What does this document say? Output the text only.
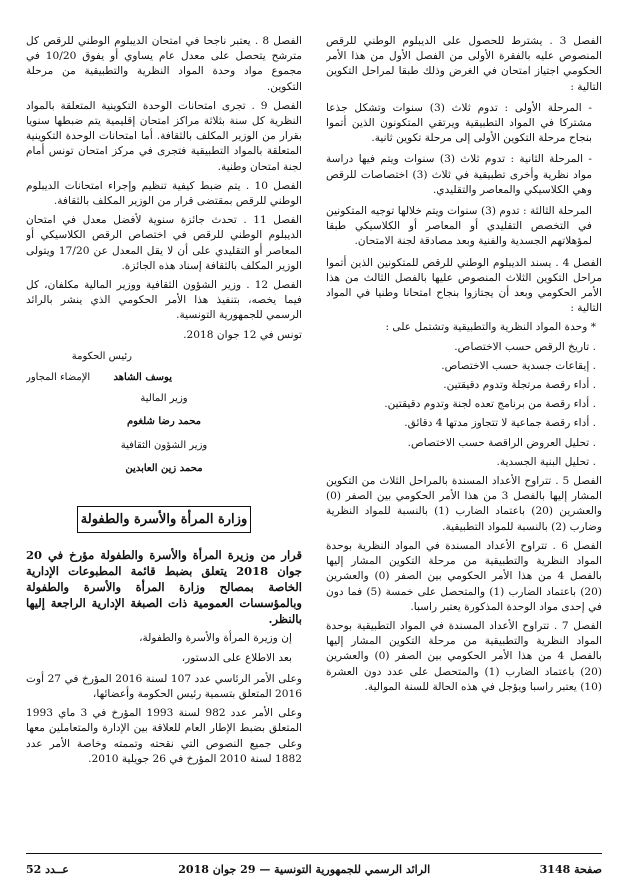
الفصل 3 . يشترط للحصول على الديبلوم الوطني للرقص المنصوص عليه بالفقرة الأولى من الفصل الأول من هذا الأمر الحكومي اجتياز امتحان في الغرض وذلك طبقا لمراحل التكوين التالية :

- المرحلة الأولى : تدوم ثلاث (3) سنوات وتشكل جذعا مشتركا في المواد التطبيقية ويرتقي المتكونون الذين أتموا بنجاح مرحلة التكوين الأولى إلى مرحلة تكوين ثانية.

- المرحلة الثانية : تدوم ثلاث (3) سنوات ويتم فيها دراسة مواد نظرية وأخرى تطبيقية في ثلاث (3) اختصاصات للرقص وهي الكلاسيكي والمعاصر والتقليدي.

المرحلة الثالثة : تدوم (3) سنوات ويتم خلالها توجيه المتكونين في التخصص التقليدي أو المعاصر أو الكلاسيكي طبقا لمؤهلاتهم الجسدية والفنية وبعد مصادقة لجنة الامتحان.

الفصل 4 . يسند الديبلوم الوطني للرقص للمتكونين الذين أتموا مراحل التكوين الثلاث المنصوص عليها بالفصل الثالث من هذا الأمر الحكومي وبعد أن يجتازوا بنجاح امتحانا وطنيا في المواد التالية :

* وحدة المواد النظرية والتطبيقية وتشتمل على :

. تاريخ الرقص حسب الاختصاص.

. إيقاعات جسدية حسب الاختصاص.

. أداء رقصة مرتجلة وتدوم دقيقتين.

. أداء رقصة من برنامج تعده لجنة وتدوم دقيقتين.

. أداء رقصة جماعية لا تتجاوز مدتها 4 دقائق.

. تحليل العروض الراقصة حسب الاختصاص.

. تحليل البنية الجسدية.

الفصل 5 . تتراوح الأعداد المسندة بالمراحل الثلاث من التكوين المشار إليها بالفصل 3 من هذا الأمر الحكومي بين الصفر (0) والعشرين (20) باعتماد الضارب (1) بالنسبة للمواد النظرية وضارب (2) بالنسبة للمواد التطبيقية.

الفصل 6 . تتراوح الأعداد المسندة في المواد النظرية بوحدة المواد النظرية والتطبيقية من مرحلة التكوين المشار إليها بالفصل 4 من هذا الأمر الحكومي بين الصفر (0) والعشرين (20) باعتماد الضارب (1) والمتحصل على خمسة (5) فما دون في إحدى مواد الوحدة المذكورة يعتبر راسبا.

الفصل 7 . تتراوح الأعداد المسندة في المواد التطبيقية بوحدة المواد النظرية والتطبيقية من مرحلة التكوين المشار إليها بالفصل 4 من هذا الأمر الحكومي بين الصفر (0) والعشرين (20) باعتماد الضارب (1) والمتحصل على عدد دون العشرة (10) يعتبر راسبا ويؤجل في هذه الحالة للسنة الموالية.

الفصل 8 . يعتبر ناجحا في امتحان الديبلوم الوطني للرقص كل مترشح يتحصل على معدل عام يساوي أو يفوق 10/20 في مجموع مواد وحدة المواد النظرية والتطبيقية من مرحلة التكوين.

الفصل 9 . تجرى امتحانات الوحدة التكوينية المتعلقة بالمواد النظرية كل سنة بثلاثة مراكز امتحان إقليمية يتم ضبطها سنويا بقرار من الوزير المكلف بالثقافة. أما امتحانات الوحدة التكوينية المتعلقة بالمواد التطبيقية فتجرى في مركز امتحان تونس أمام لجنة امتحان وطنية.

الفصل 10 . يتم ضبط كيفية تنظيم وإجراء امتحانات الديبلوم الوطني للرقص بمقتضى قرار من الوزير المكلف بالثقافة.

الفصل 11 . تحدث جائزة سنوية لأفضل معدل في امتحان الديبلوم الوطني للرقص في اختصاص الرقص الكلاسيكي أو المعاصر أو التقليدي على أن لا يقل المعدل عن 17/20 ويتولى الوزير المكلف بالثقافة إسناد هذه الجائزة.

الفصل 12 . وزير الشؤون الثقافية ووزير المالية مكلفان، كل فيما يخصه، بتنفيذ هذا الأمر الحكومي الذي ينشر بالرائد الرسمي للجمهورية التونسية.

تونس في 12 جوان 2018.

رئيس الحكومة
يوسف الشاهد
الإمضاء المجاور
وزير المالية
محمد رضا شلغوم
وزير الشؤون الثقافية
محمد زين العابدين
وزارة المرأة والأسرة والطفولة

قرار من وزيرة المرأة والأسرة والطفولة مؤرخ في 20 جوان 2018 يتعلق بضبط قائمة المطبوعات الإدارية الخاصة بمصالح وزارة المرأة والأسرة والطفولة وبالمؤسسات العمومية ذات الصبغة الإدارية الراجعة إليها بالنظر.

إن وزيرة المرأة والأسرة والطفولة،

بعد الاطلاع على الدستور،

وعلى الأمر الرئاسي عدد 107 لسنة 2016 المؤرخ في 27 أوت 2016 المتعلق بتسمية رئيس الحكومة وأعضائها،

وعلى الأمر عدد 982 لسنة 1993 المؤرخ في 3 ماي 1993 المتعلق بضبط الإطار العام للعلاقة بين الإدارة والمتعاملين معها وعلى جميع النصوص التي نقحته وتممته وخاصة الأمر عدد 1882 لسنة 2010 المؤرخ في 26 جويلية 2010.

صفحة 3148
الرائد الرسمي للجمهورية التونسية — 29 جوان 2018
عــدد 52
